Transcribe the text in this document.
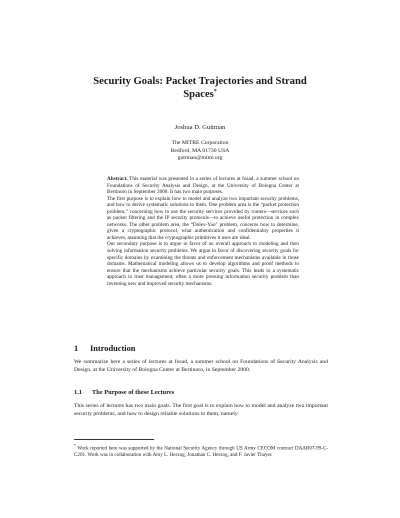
Security Goals: Packet Trajectories and Strand Spaces*
Joshua D. Guttman
The MITRE Corporation
Bedford, MA 01730 USA
guttman@mitre.org

Abstract. This material was presented in a series of lectures at fosad, a summer school on Foundations of Security Analysis and Design, at the University of Bologna Center at Bertinoro in September 2000. It has two main purposes.

The first purpose is to explain how to model and analyze two important security problems, and how to derive systematic solutions to them. One problem area is the “packet protection problem,” concerning how to use the security services provided by routers—services such as packet filtering and the IP security protocols—to achieve useful protection in complex networks. The other problem area, the “Dolev-Yao” problem, concerns how to determine, given a cryptographic protocol, what authentication and confidentiality properties it achieves, assuming that the cryptographic primitives it uses are ideal.

Our secondary purpose is to argue in favor of an overall approach to modeling and then solving information security problems. We argue in favor of discovering security goals for specific domains by examining the threats and enforcement mechanisms available in those domains. Mathematical modeling allows us to develop algorithms and proof methods to ensure that the mechanisms achieve particular security goals. This leads to a systematic approach to trust management, often a more pressing information security problem than inventing new and improved security mechanisms.

1 Introduction

We summarize here a series of lectures at fosad, a summer school on Foundations of Security Analysis and Design, at the University of Bologna Center at Bertinoro, in September 2000.

1.1 The Purpose of these Lectures

This series of lectures has two main goals. The first goal is to explain how to model and analyze two important security problems, and how to design reliable solutions to them, namely:

* Work reported here was supported by the National Security Agency through US Army CECOM contract DAAB07-99-C-C201. Work was in collaboration with Amy L. Herzog, Jonathan C. Herzog, and F. Javier Thayer.
